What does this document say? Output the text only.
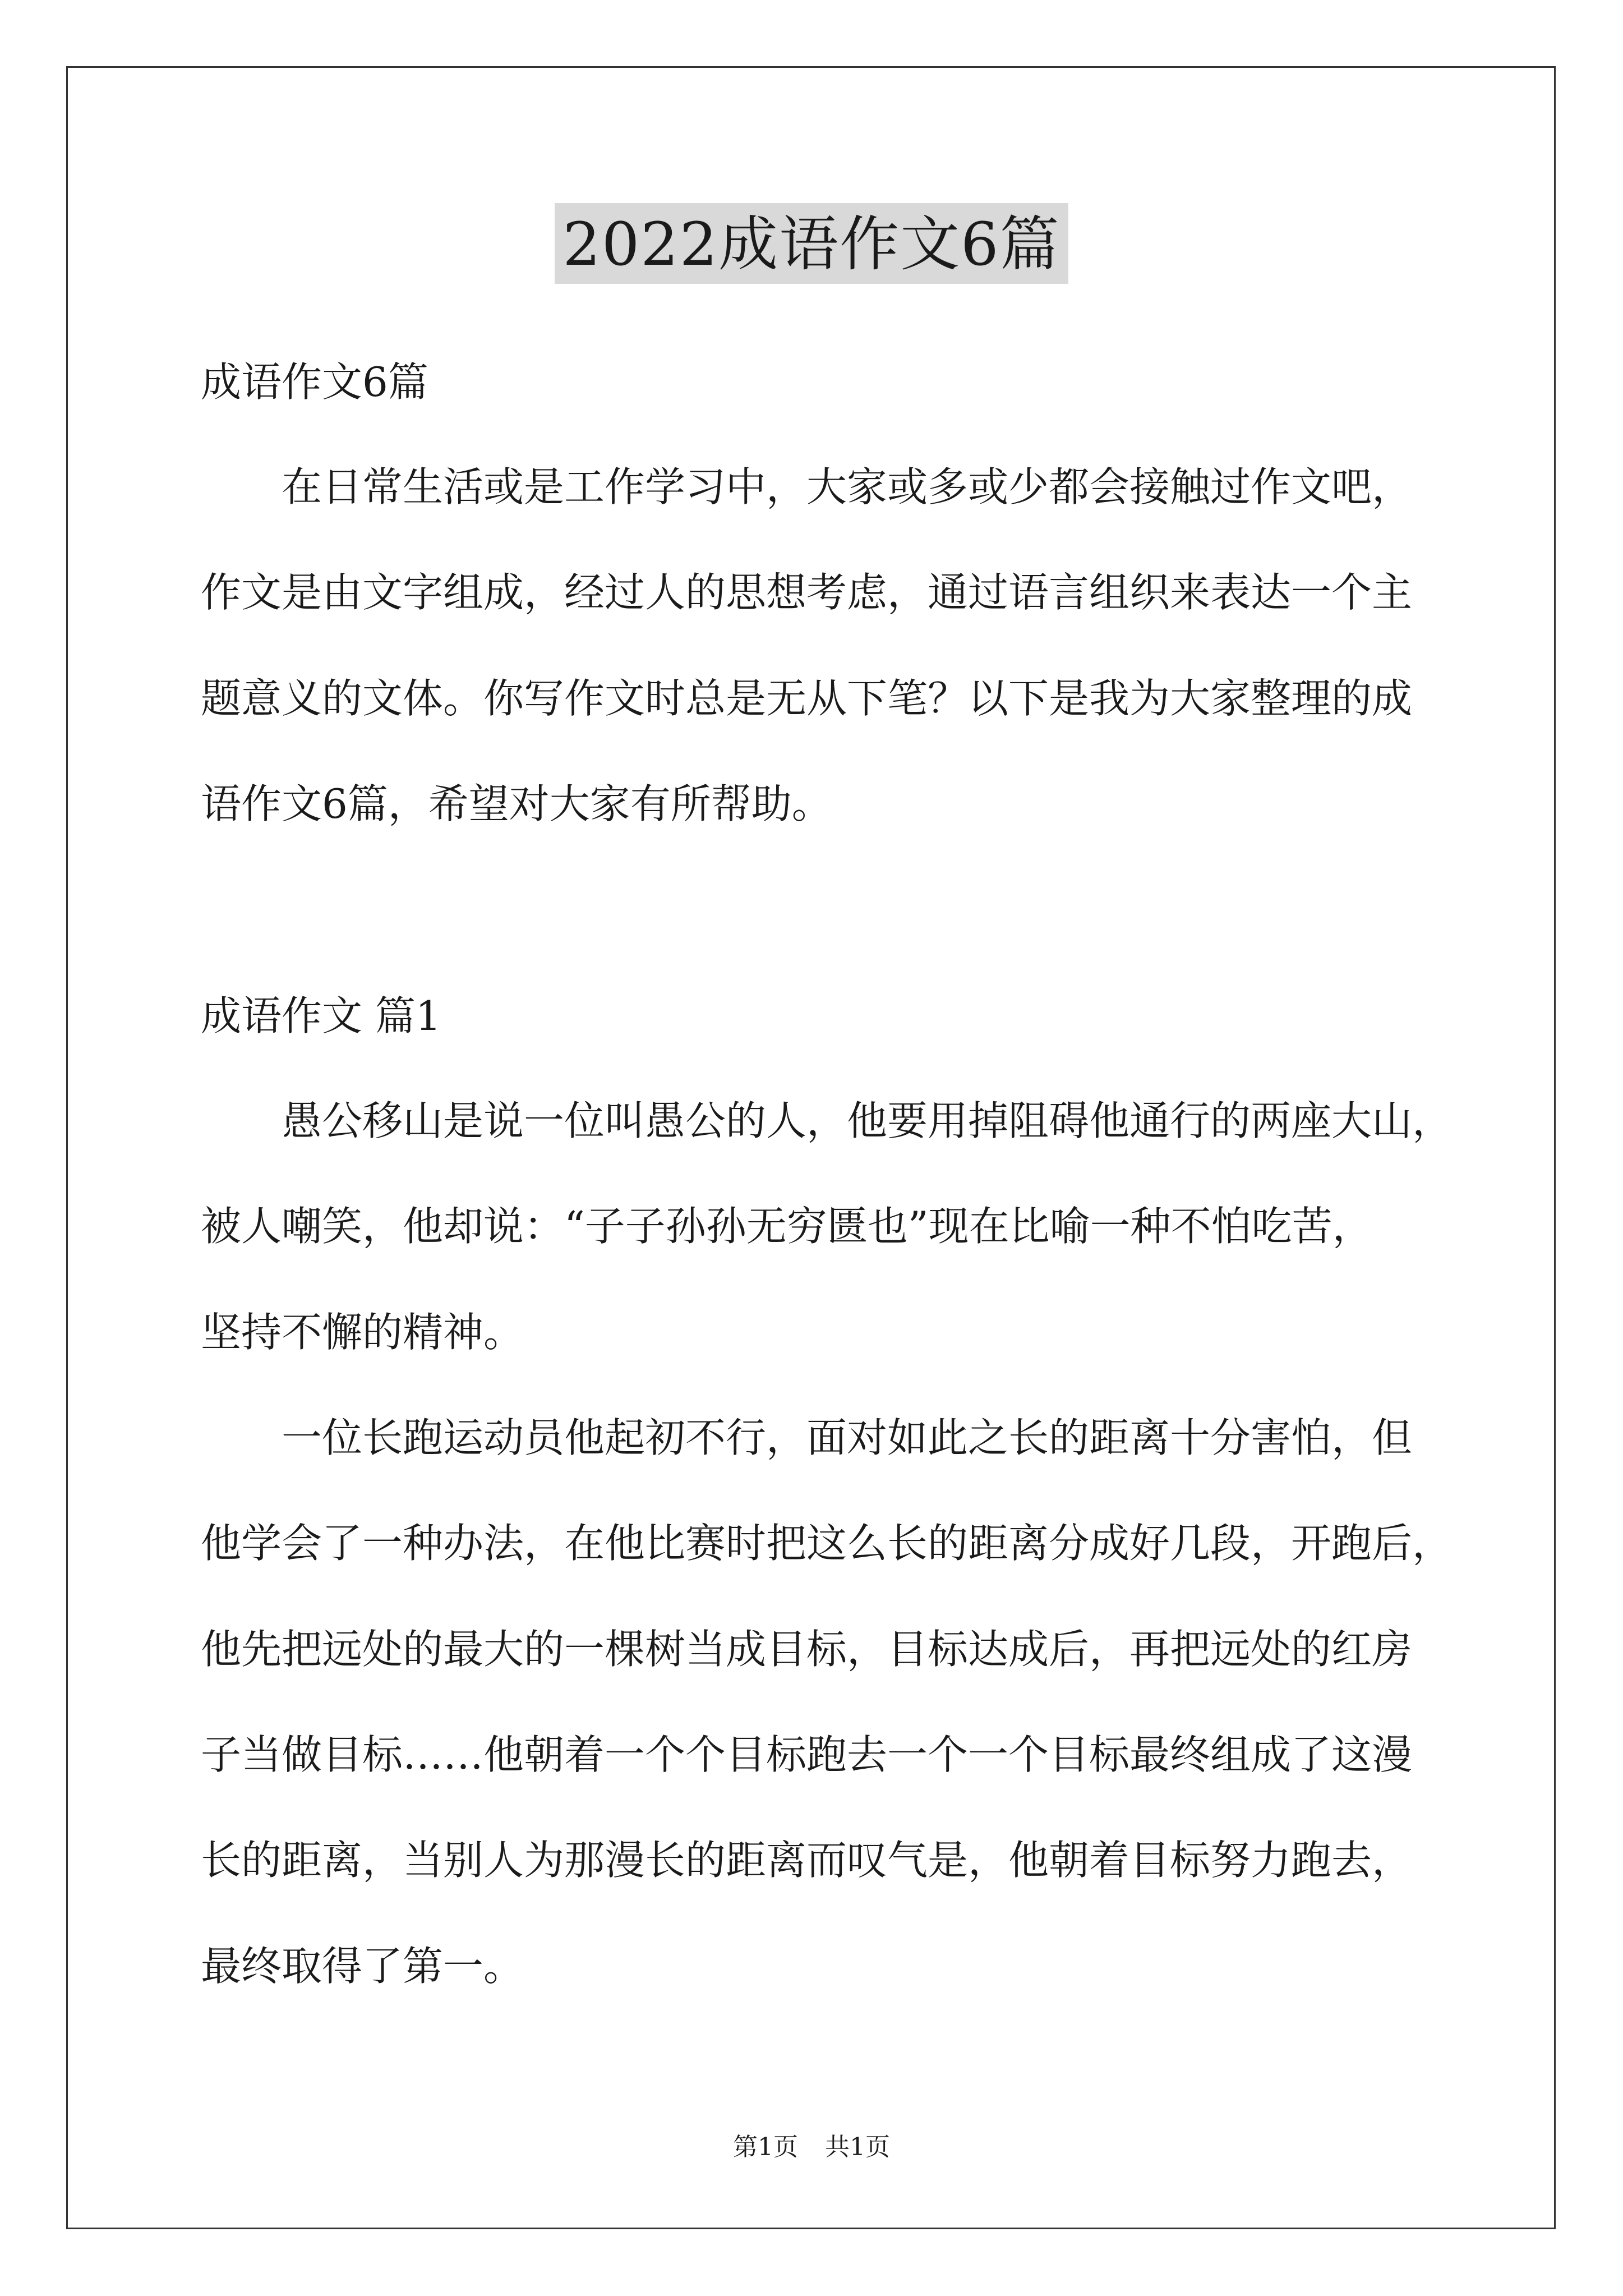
2022成语作文6篇
成语作文6篇
在日常生活或是工作学习中，大家或多或少都会接触过作文吧，
作文是由文字组成，经过人的思想考虑，通过语言组织来表达一个主
题意义的文体。你写作文时总是无从下笔？以下是我为大家整理的成
语作文6篇，希望对大家有所帮助。
成语作文 篇1
愚公移山是说一位叫愚公的人，他要用掉阻碍他通行的两座大山，
被人嘲笑，他却说：“子子孙孙无穷匮也”现在比喻一种不怕吃苦，
坚持不懈的精神。
一位长跑运动员他起初不行，面对如此之长的距离十分害怕，但
他学会了一种办法，在他比赛时把这么长的距离分成好几段，开跑后，
他先把远处的最大的一棵树当成目标，目标达成后，再把远处的红房
子当做目标……他朝着一个个目标跑去一个一个目标最终组成了这漫
长的距离，当别人为那漫长的距离而叹气是，他朝着目标努力跑去，
最终取得了第一。
第1页 共1页
